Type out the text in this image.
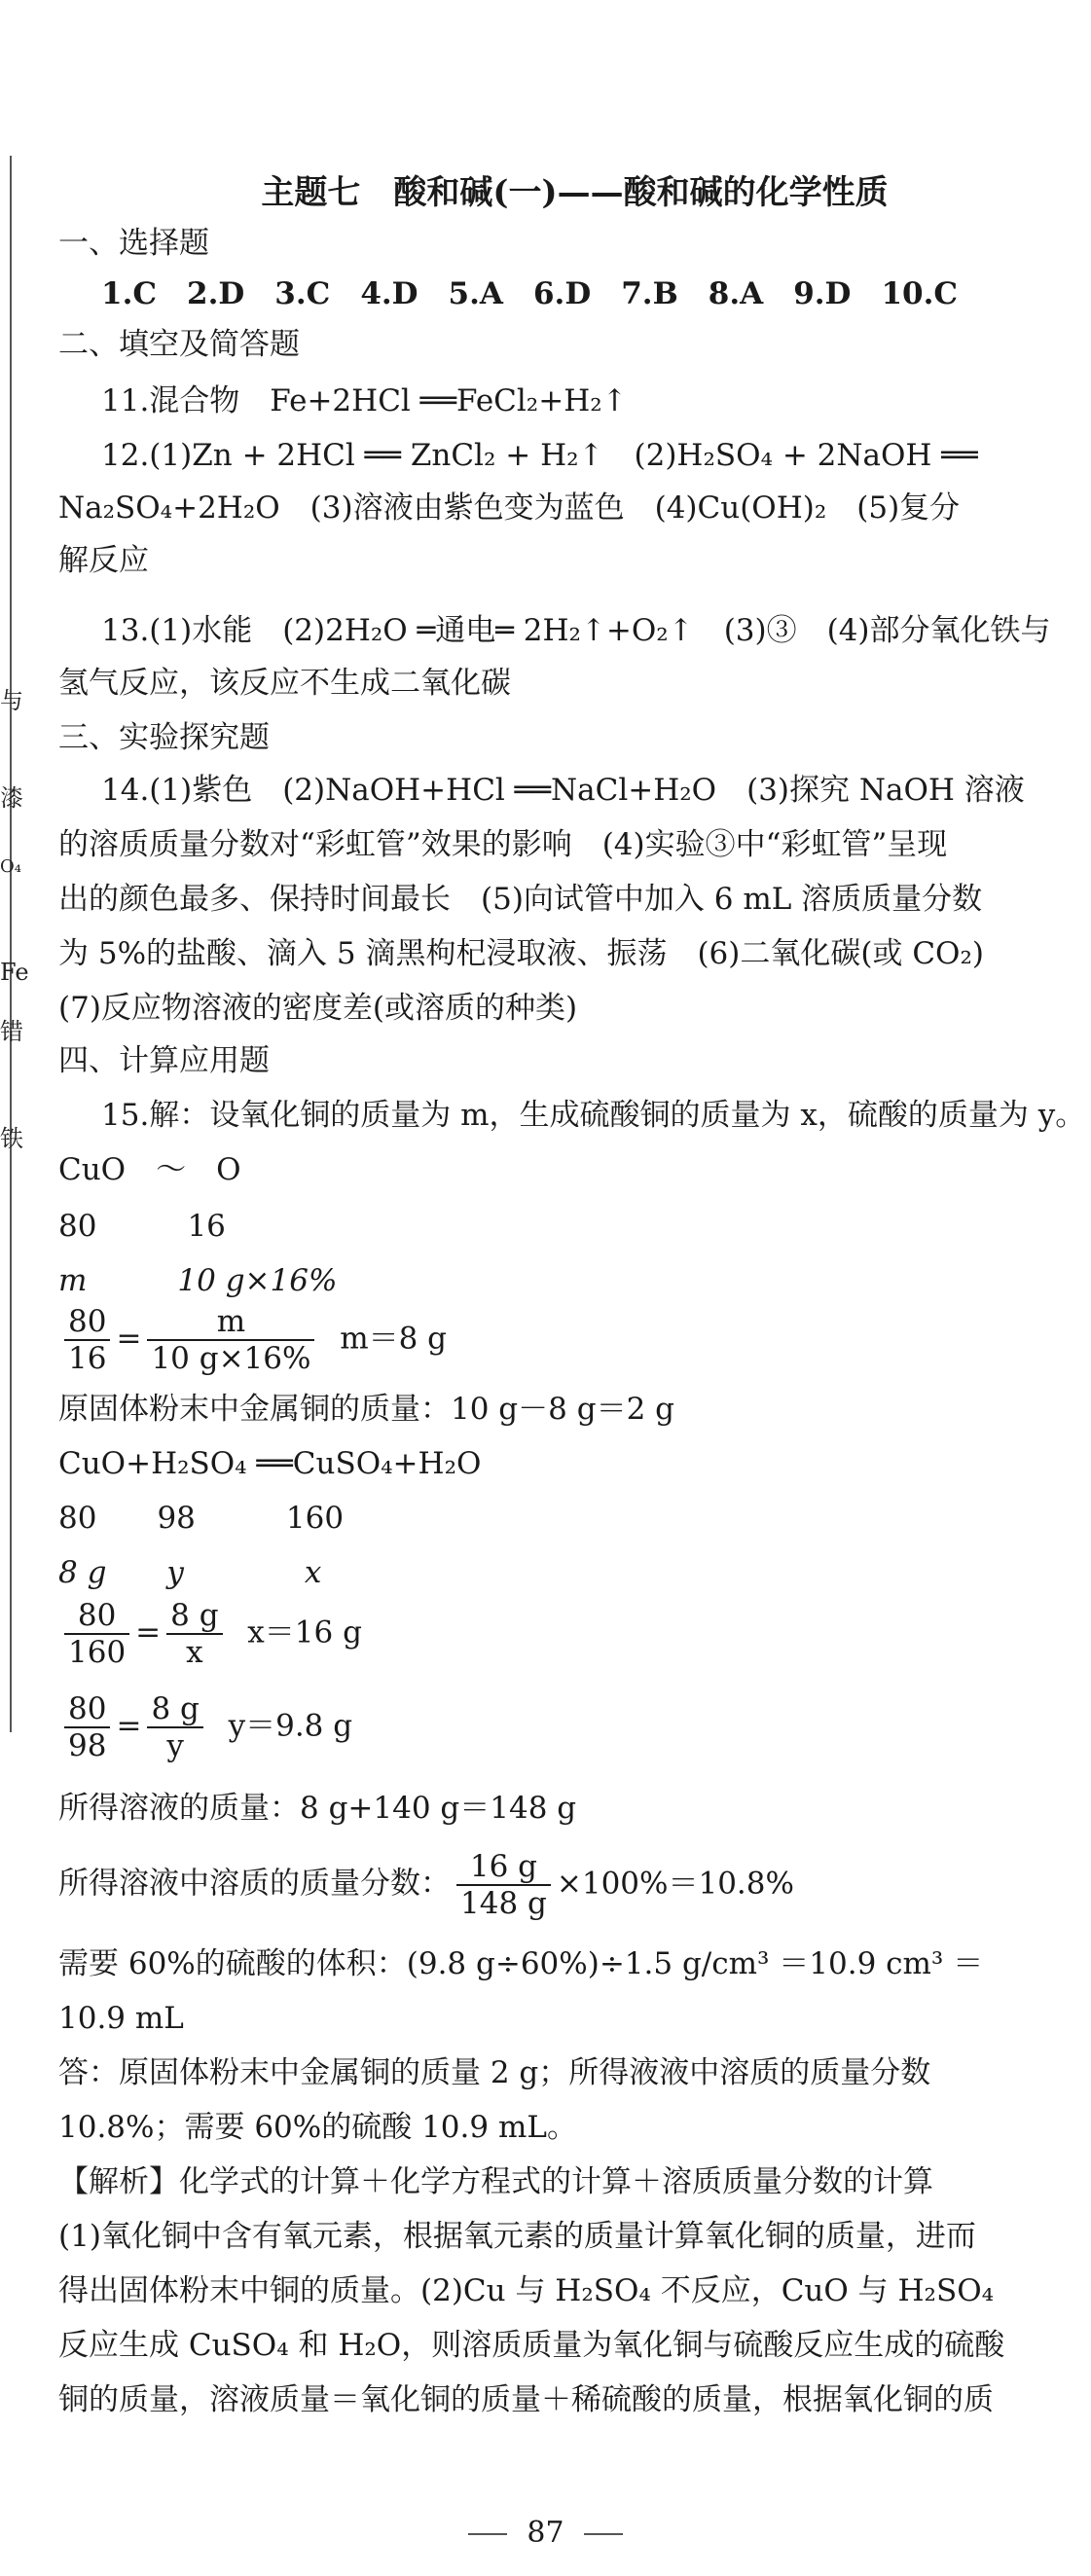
与
漆
O₄
Fe
错
铁
主题七　酸和碱(一)——酸和碱的化学性质
一、选择题
1.C　2.D　3.C　4.D　5.A　6.D　7.B　8.A　9.D　10.C
二、填空及简答题
11.混合物　Fe+2HCl ══FeCl₂+H₂↑
12.(1)Zn + 2HCl ══ ZnCl₂ + H₂↑　(2)H₂SO₄ + 2NaOH ══
Na₂SO₄+2H₂O　(3)溶液由紫色变为蓝色　(4)Cu(OH)₂　(5)复分
解反应
13.(1)水能　(2)2H₂O ═通电═ 2H₂↑+O₂↑　(3)③　(4)部分氧化铁与
氢气反应，该反应不生成二氧化碳
三、实验探究题
14.(1)紫色　(2)NaOH+HCl ══NaCl+H₂O　(3)探究 NaOH 溶液
的溶质质量分数对“彩虹管”效果的影响　(4)实验③中“彩虹管”呈现
出的颜色最多、保持时间最长　(5)向试管中加入 6 mL 溶质质量分数
为 5%的盐酸、滴入 5 滴黑枸杞浸取液、振荡　(6)二氧化碳(或 CO₂)
(7)反应物溶液的密度差(或溶质的种类)
四、计算应用题
15.解：设氧化铜的质量为 m，生成硫酸铜的质量为 x，硫酸的质量为 y。
CuO　～　O
80　　　16
m　　　10 g×16%
$\frac{80}{16} = \frac{m}{10 g\times 16\%} m=8$ g
原固体粉末中金属铜的质量：10 g－8 g＝2 g
CuO+H₂SO₄ ══CuSO₄+H₂O
80　　98　　　160
8 g　　y　　　　x
$\frac{80}{160} = \frac{8 g}{x} x=16$ g
$\frac{80}{98} = \frac{8 g}{y} y=9.8$ g
所得溶液的质量：8 g+140 g＝148 g
所得溶液中溶质的质量分数： $\frac{16 g}{148 g} \times 100\%=10.8\%$
需要 60%的硫酸的体积：(9.8 g÷60%)÷1.5 g/cm³ ＝10.9 cm³ ＝
10.9 mL
答：原固体粉末中金属铜的质量 2 g；所得液液中溶质的质量分数
10.8%；需要 60%的硫酸 10.9 mL。
【解析】化学式的计算＋化学方程式的计算＋溶质质量分数的计算
(1)氧化铜中含有氧元素，根据氧元素的质量计算氧化铜的质量，进而
得出固体粉末中铜的质量。(2)Cu 与 H₂SO₄ 不反应，CuO 与 H₂SO₄
反应生成 CuSO₄ 和 H₂O，则溶质质量为氧化铜与硫酸反应生成的硫酸
铜的质量，溶液质量＝氧化铜的质量＋稀硫酸的质量，根据氧化铜的质
87
